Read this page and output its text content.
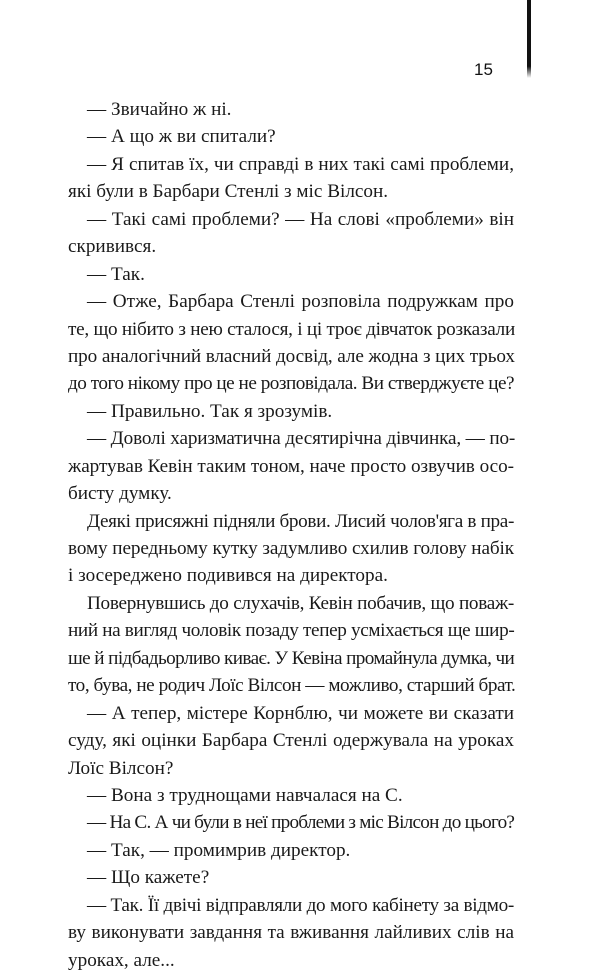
15
— Звичайно ж ні.
— А що ж ви спитали?
— Я спитав їх, чи справді в них такі самі проблеми,
які були в Барбари Стенлі з міс Вілсон.
— Такі самі проблеми? — На слові «проблеми» він
скривився.
— Так.
— Отже, Барбара Стенлі розповіла подружкам про
те, що нібито з нею сталося, і ці троє дівчаток розказали
про аналогічний власний досвід, але жодна з цих трьох
до того нікому про це не розповідала. Ви стверджуєте це?
— Правильно. Так я зрозумів.
— Доволі харизматична десятирічна дівчинка, — по-
жартував Кевін таким тоном, наче просто озвучив осо-
бисту думку.
Деякі присяжні підняли брови. Лисий чолов'яга в пра-
вому передньому кутку задумливо схилив голову набік
і зосереджено подивився на директора.
Повернувшись до слухачів, Кевін побачив, що поваж-
ний на вигляд чоловік позаду тепер усміхається ще шир-
ше й підбадьорливо киває. У Кевіна промайнула думка, чи
то, бува, не родич Лоїс Вілсон — можливо, старший брат.
— А тепер, містере Корнблю, чи можете ви сказати
суду, які оцінки Барбара Стенлі одержувала на уроках
Лоїс Вілсон?
— Вона з труднощами навчалася на С.
— На С. А чи були в неї проблеми з міс Вілсон до цього?
— Так, — промимрив директор.
— Що кажете?
— Так. Її двічі відправляли до мого кабінету за відмо-
ву виконувати завдання та вживання лайливих слів на
уроках, але...
